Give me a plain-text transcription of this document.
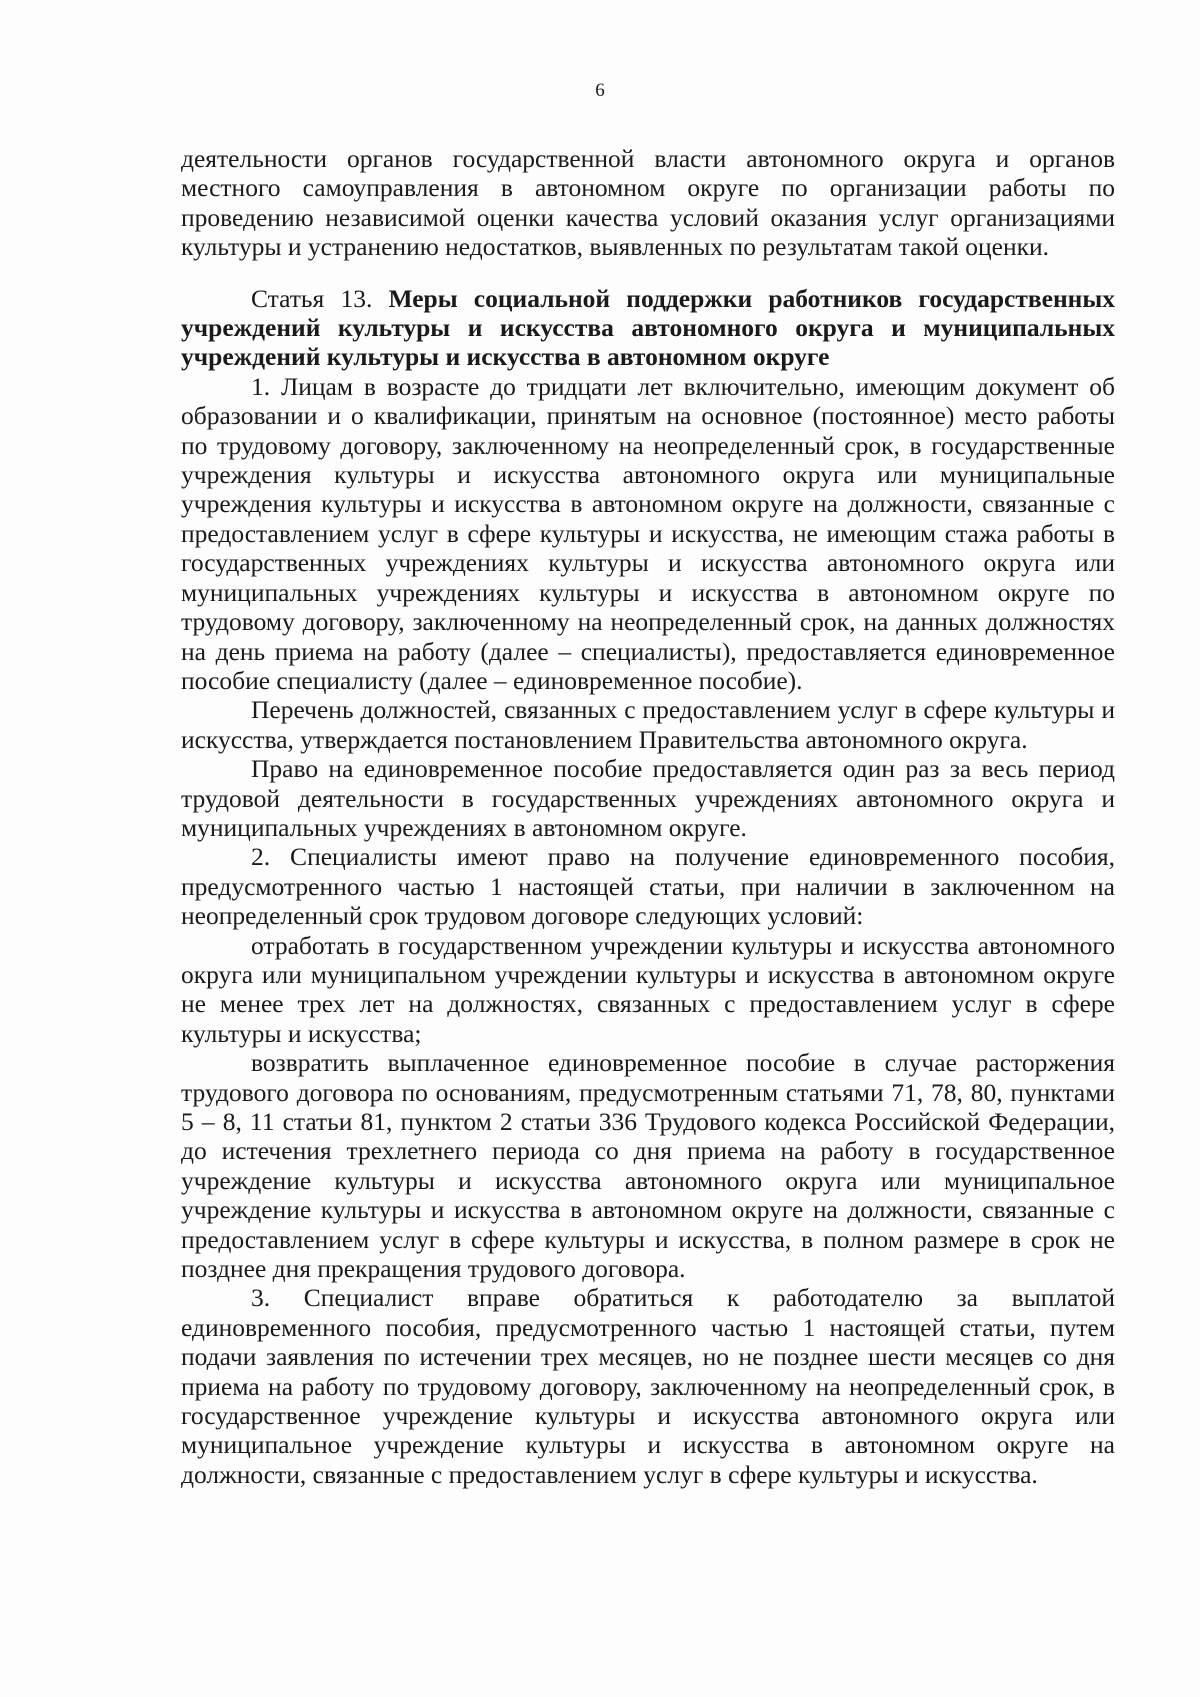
6

деятельности органов государственной власти автономного округа и органов местного самоуправления в автономном округе по организации работы по проведению независимой оценки качества условий оказания услуг организациями культуры и устранению недостатков, выявленных по результатам такой оценки.

Статья 13. Меры социальной поддержки работников государственных учреждений культуры и искусства автономного округа и муниципальных учреждений культуры и искусства в автономном округе

1. Лицам в возрасте до тридцати лет включительно, имеющим документ об образовании и о квалификации, принятым на основное (постоянное) место работы по трудовому договору, заключенному на неопределенный срок, в государственные учреждения культуры и искусства автономного округа или муниципальные учреждения культуры и искусства в автономном округе на должности, связанные с предоставлением услуг в сфере культуры и искусства, не имеющим стажа работы в государственных учреждениях культуры и искусства автономного округа или муниципальных учреждениях культуры и искусства в автономном округе по трудовому договору, заключенному на неопределенный срок, на данных должностях на день приема на работу (далее – специалисты), предоставляется единовременное пособие специалисту (далее – единовременное пособие).

Перечень должностей, связанных с предоставлением услуг в сфере культуры и искусства, утверждается постановлением Правительства автономного округа.

Право на единовременное пособие предоставляется один раз за весь период трудовой деятельности в государственных учреждениях автономного округа и муниципальных учреждениях в автономном округе.

2. Специалисты имеют право на получение единовременного пособия, предусмотренного частью 1 настоящей статьи, при наличии в заключенном на неопределенный срок трудовом договоре следующих условий:

отработать в государственном учреждении культуры и искусства автономного округа или муниципальном учреждении культуры и искусства в автономном округе не менее трех лет на должностях, связанных с предоставлением услуг в сфере культуры и искусства;

возвратить выплаченное единовременное пособие в случае расторжения трудового договора по основаниям, предусмотренным статьями 71, 78, 80, пунктами 5 – 8, 11 статьи 81, пунктом 2 статьи 336 Трудового кодекса Российской Федерации, до истечения трехлетнего периода со дня приема на работу в государственное учреждение культуры и искусства автономного округа или муниципальное учреждение культуры и искусства в автономном округе на должности, связанные с предоставлением услуг в сфере культуры и искусства, в полном размере в срок не позднее дня прекращения трудового договора.

3. Специалист вправе обратиться к работодателю за выплатой единовременного пособия, предусмотренного частью 1 настоящей статьи, путем подачи заявления по истечении трех месяцев, но не позднее шести месяцев со дня приема на работу по трудовому договору, заключенному на неопределенный срок, в государственное учреждение культуры и искусства автономного округа или муниципальное учреждение культуры и искусства в автономном округе на должности, связанные с предоставлением услуг в сфере культуры и искусства.
